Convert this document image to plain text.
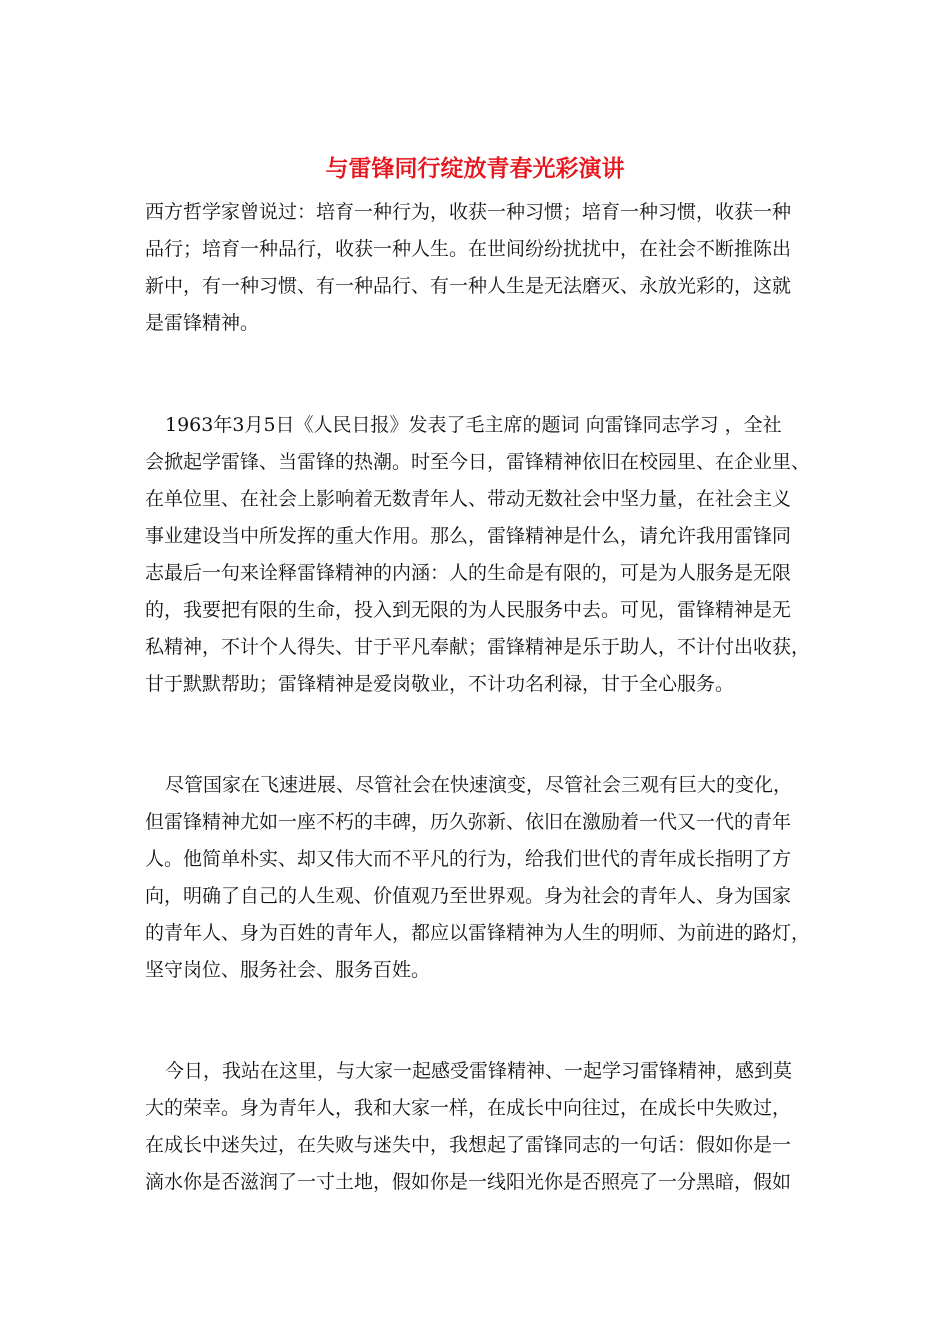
与雷锋同行绽放青春光彩演讲
西方哲学家曾说过：培育一种行为，收获一种习惯；培育一种习惯，收获一种
品行；培育一种品行，收获一种人生。在世间纷纷扰扰中，在社会不断推陈出
新中，有一种习惯、有一种品行、有一种人生是无法磨灭、永放光彩的，这就
是雷锋精神。
1963年3月5日《人民日报》发表了毛主席的题词 向雷锋同志学习 ，全社
会掀起学雷锋、当雷锋的热潮。时至今日，雷锋精神依旧在校园里、在企业里、
在单位里、在社会上影响着无数青年人、带动无数社会中坚力量，在社会主义
事业建设当中所发挥的重大作用。那么，雷锋精神是什么，请允许我用雷锋同
志最后一句来诠释雷锋精神的内涵：人的生命是有限的，可是为人服务是无限
的，我要把有限的生命，投入到无限的为人民服务中去。可见，雷锋精神是无
私精神，不计个人得失、甘于平凡奉献；雷锋精神是乐于助人，不计付出收获，
甘于默默帮助；雷锋精神是爱岗敬业，不计功名利禄，甘于全心服务。
尽管国家在飞速进展、尽管社会在快速演变，尽管社会三观有巨大的变化，
但雷锋精神尤如一座不朽的丰碑，历久弥新、依旧在激励着一代又一代的青年
人。他简单朴实、却又伟大而不平凡的行为，给我们世代的青年成长指明了方
向，明确了自己的人生观、价值观乃至世界观。身为社会的青年人、身为国家
的青年人、身为百姓的青年人，都应以雷锋精神为人生的明师、为前进的路灯，
坚守岗位、服务社会、服务百姓。
今日，我站在这里，与大家一起感受雷锋精神、一起学习雷锋精神，感到莫
大的荣幸。身为青年人，我和大家一样，在成长中向往过，在成长中失败过，
在成长中迷失过，在失败与迷失中，我想起了雷锋同志的一句话：假如你是一
滴水你是否滋润了一寸土地，假如你是一线阳光你是否照亮了一分黑暗，假如
